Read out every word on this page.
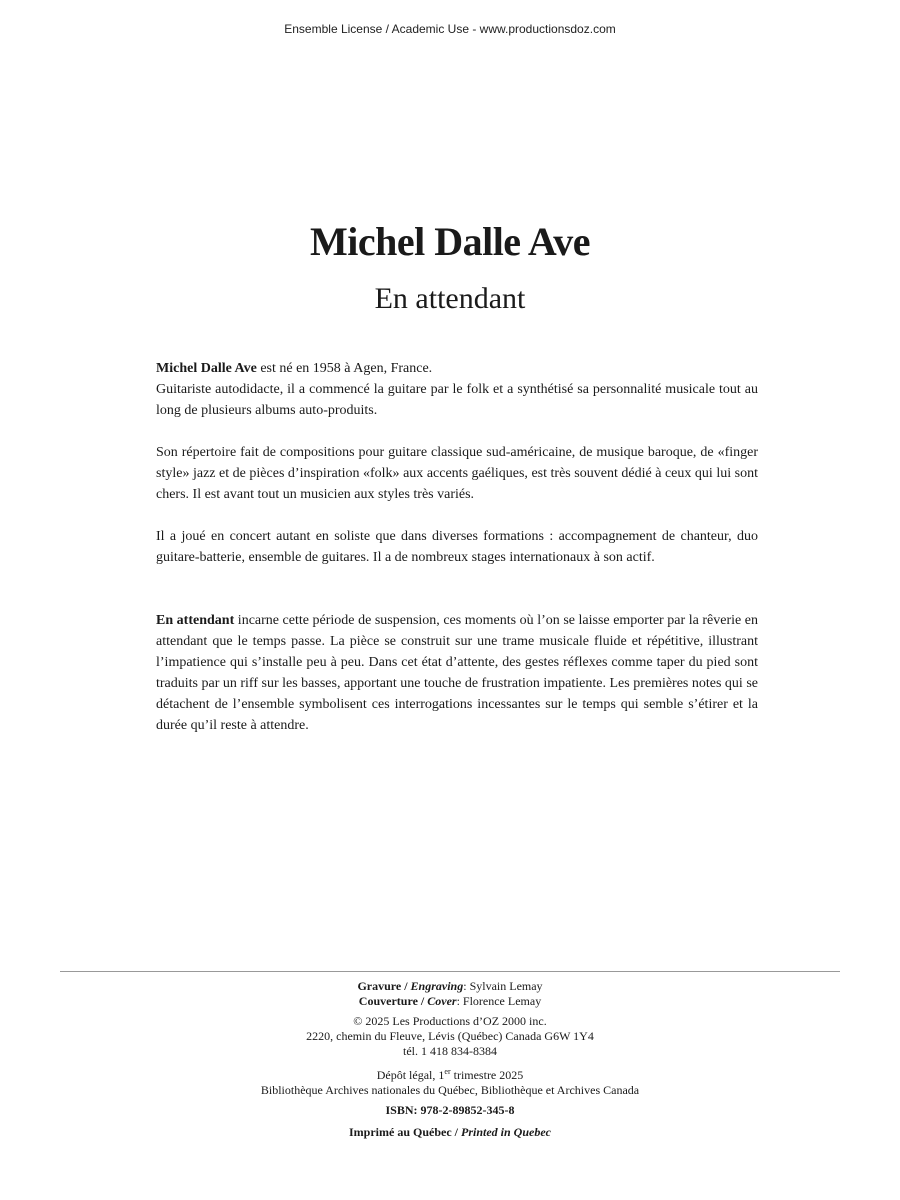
Ensemble License / Academic Use - www.productionsdoz.com
Michel Dalle Ave
En attendant

Michel Dalle Ave est né en 1958 à Agen, France.

Guitariste autodidacte, il a commencé la guitare par le folk et a synthétisé sa personnalité musicale tout au long de plusieurs albums auto-produits.

Son répertoire fait de compositions pour guitare classique sud-américaine, de musique baroque, de «finger style» jazz et de pièces d’inspiration «folk» aux accents gaéliques, est très souvent dédié à ceux qui lui sont chers. Il est avant tout un musicien aux styles très variés.

Il a joué en concert autant en soliste que dans diverses formations : accompagnement de chanteur, duo guitare-batterie, ensemble de guitares. Il a de nombreux stages internationaux à son actif.

En attendant incarne cette période de suspension, ces moments où l’on se laisse emporter par la rêverie en attendant que le temps passe. La pièce se construit sur une trame musicale fluide et répétitive, illustrant l’impatience qui s’installe peu à peu. Dans cet état d’attente, des gestes réflexes comme taper du pied sont traduits par un riff sur les basses, apportant une touche de frustration impatiente. Les premières notes qui se détachent de l’ensemble symbolisent ces interrogations incessantes sur le temps qui semble s’étirer et la durée qu’il reste à attendre.

Gravure / Engraving: Sylvain Lemay
Couverture / Cover: Florence Lemay
© 2025 Les Productions d’OZ 2000 inc.
2220, chemin du Fleuve, Lévis (Québec) Canada G6W 1Y4
tél. 1 418 834-8384
Dépôt légal, 1er trimestre 2025
Bibliothèque Archives nationales du Québec, Bibliothèque et Archives Canada
ISBN: 978-2-89852-345-8
Imprimé au Québec / Printed in Quebec
